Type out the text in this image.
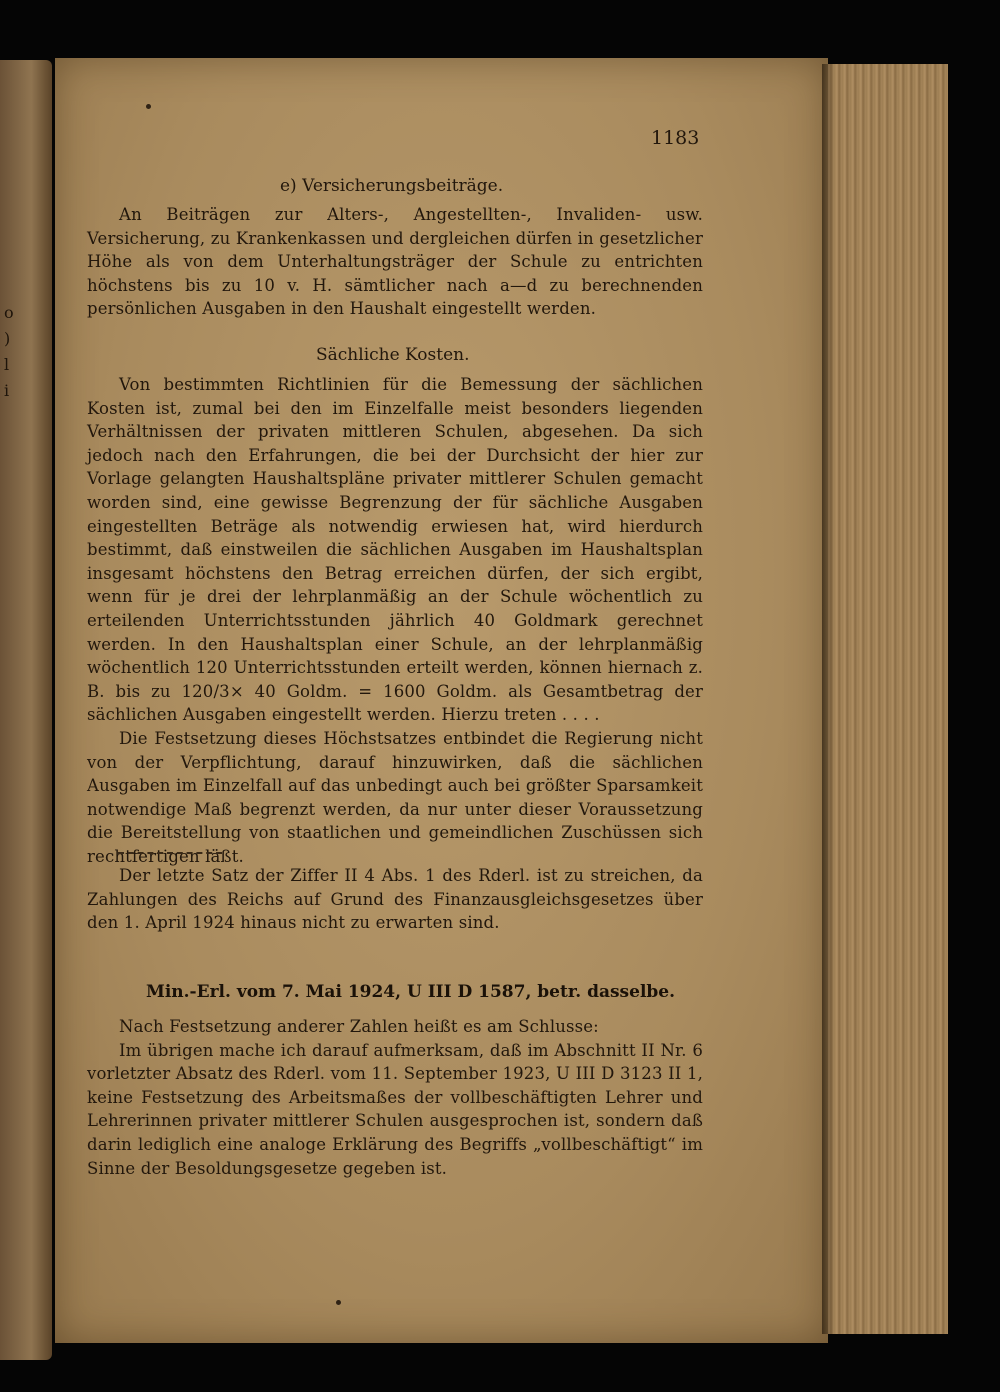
o
)
l
i
1183
e) Versicherungsbeiträge.

An Beiträgen zur Alters-, Angestellten-, Invaliden- usw. Versicherung, zu Krankenkassen und dergleichen dürfen in gesetzlicher Höhe als von dem Unterhaltungsträger der Schule zu entrichten höchstens bis zu 10 v. H. sämtlicher nach a—d zu berechnenden persönlichen Ausgaben in den Haushalt eingestellt werden.

Sächliche Kosten.

Von bestimmten Richtlinien für die Bemessung der sächlichen Kosten ist, zumal bei den im Einzelfalle meist besonders liegenden Verhältnissen der privaten mittleren Schulen, abgesehen. Da sich jedoch nach den Erfahrungen, die bei der Durchsicht der hier zur Vorlage gelangten Haushaltspläne privater mittlerer Schulen gemacht worden sind, eine gewisse Begrenzung der für sächliche Ausgaben eingestellten Beträge als notwendig erwiesen hat, wird hierdurch bestimmt, daß einstweilen die sächlichen Ausgaben im Haushaltsplan insgesamt höchstens den Betrag erreichen dürfen, der sich ergibt, wenn für je drei der lehrplanmäßig an der Schule wöchentlich zu erteilenden Unterrichtsstunden jährlich 40 Goldmark gerechnet werden. In den Haushaltsplan einer Schule, an der lehrplanmäßig wöchentlich 120 Unterrichtsstunden erteilt werden, können hiernach z. B. bis zu 120/3× 40 Goldm. = 1600 Goldm. als Gesamtbetrag der sächlichen Ausgaben eingestellt werden. Hierzu treten . . . .

Die Festsetzung dieses Höchstsatzes entbindet die Regierung nicht von der Verpflichtung, darauf hinzuwirken, daß die sächlichen Ausgaben im Einzelfall auf das unbedingt auch bei größter Sparsamkeit notwendige Maß begrenzt werden, da nur unter dieser Voraussetzung die Bereitstellung von staatlichen und gemeindlichen Zuschüssen sich rechtfertigen läßt.

Der letzte Satz der Ziffer II 4 Abs. 1 des Rderl. ist zu streichen, da Zahlungen des Reichs auf Grund des Finanzausgleichsgesetzes über den 1. April 1924 hinaus nicht zu erwarten sind.

Min.-Erl. vom 7. Mai 1924, U III D 1587, betr. dasselbe.

Nach Festsetzung anderer Zahlen heißt es am Schlusse:

Im übrigen mache ich darauf aufmerksam, daß im Abschnitt II Nr. 6 vorletzter Absatz des Rderl. vom 11. September 1923, U III D 3123 II 1, keine Festsetzung des Arbeitsmaßes der vollbeschäftigten Lehrer und Lehrerinnen privater mittlerer Schulen ausgesprochen ist, sondern daß darin lediglich eine analoge Erklärung des Begriffs „vollbeschäftigt“ im Sinne der Besoldungsgesetze gegeben ist.
